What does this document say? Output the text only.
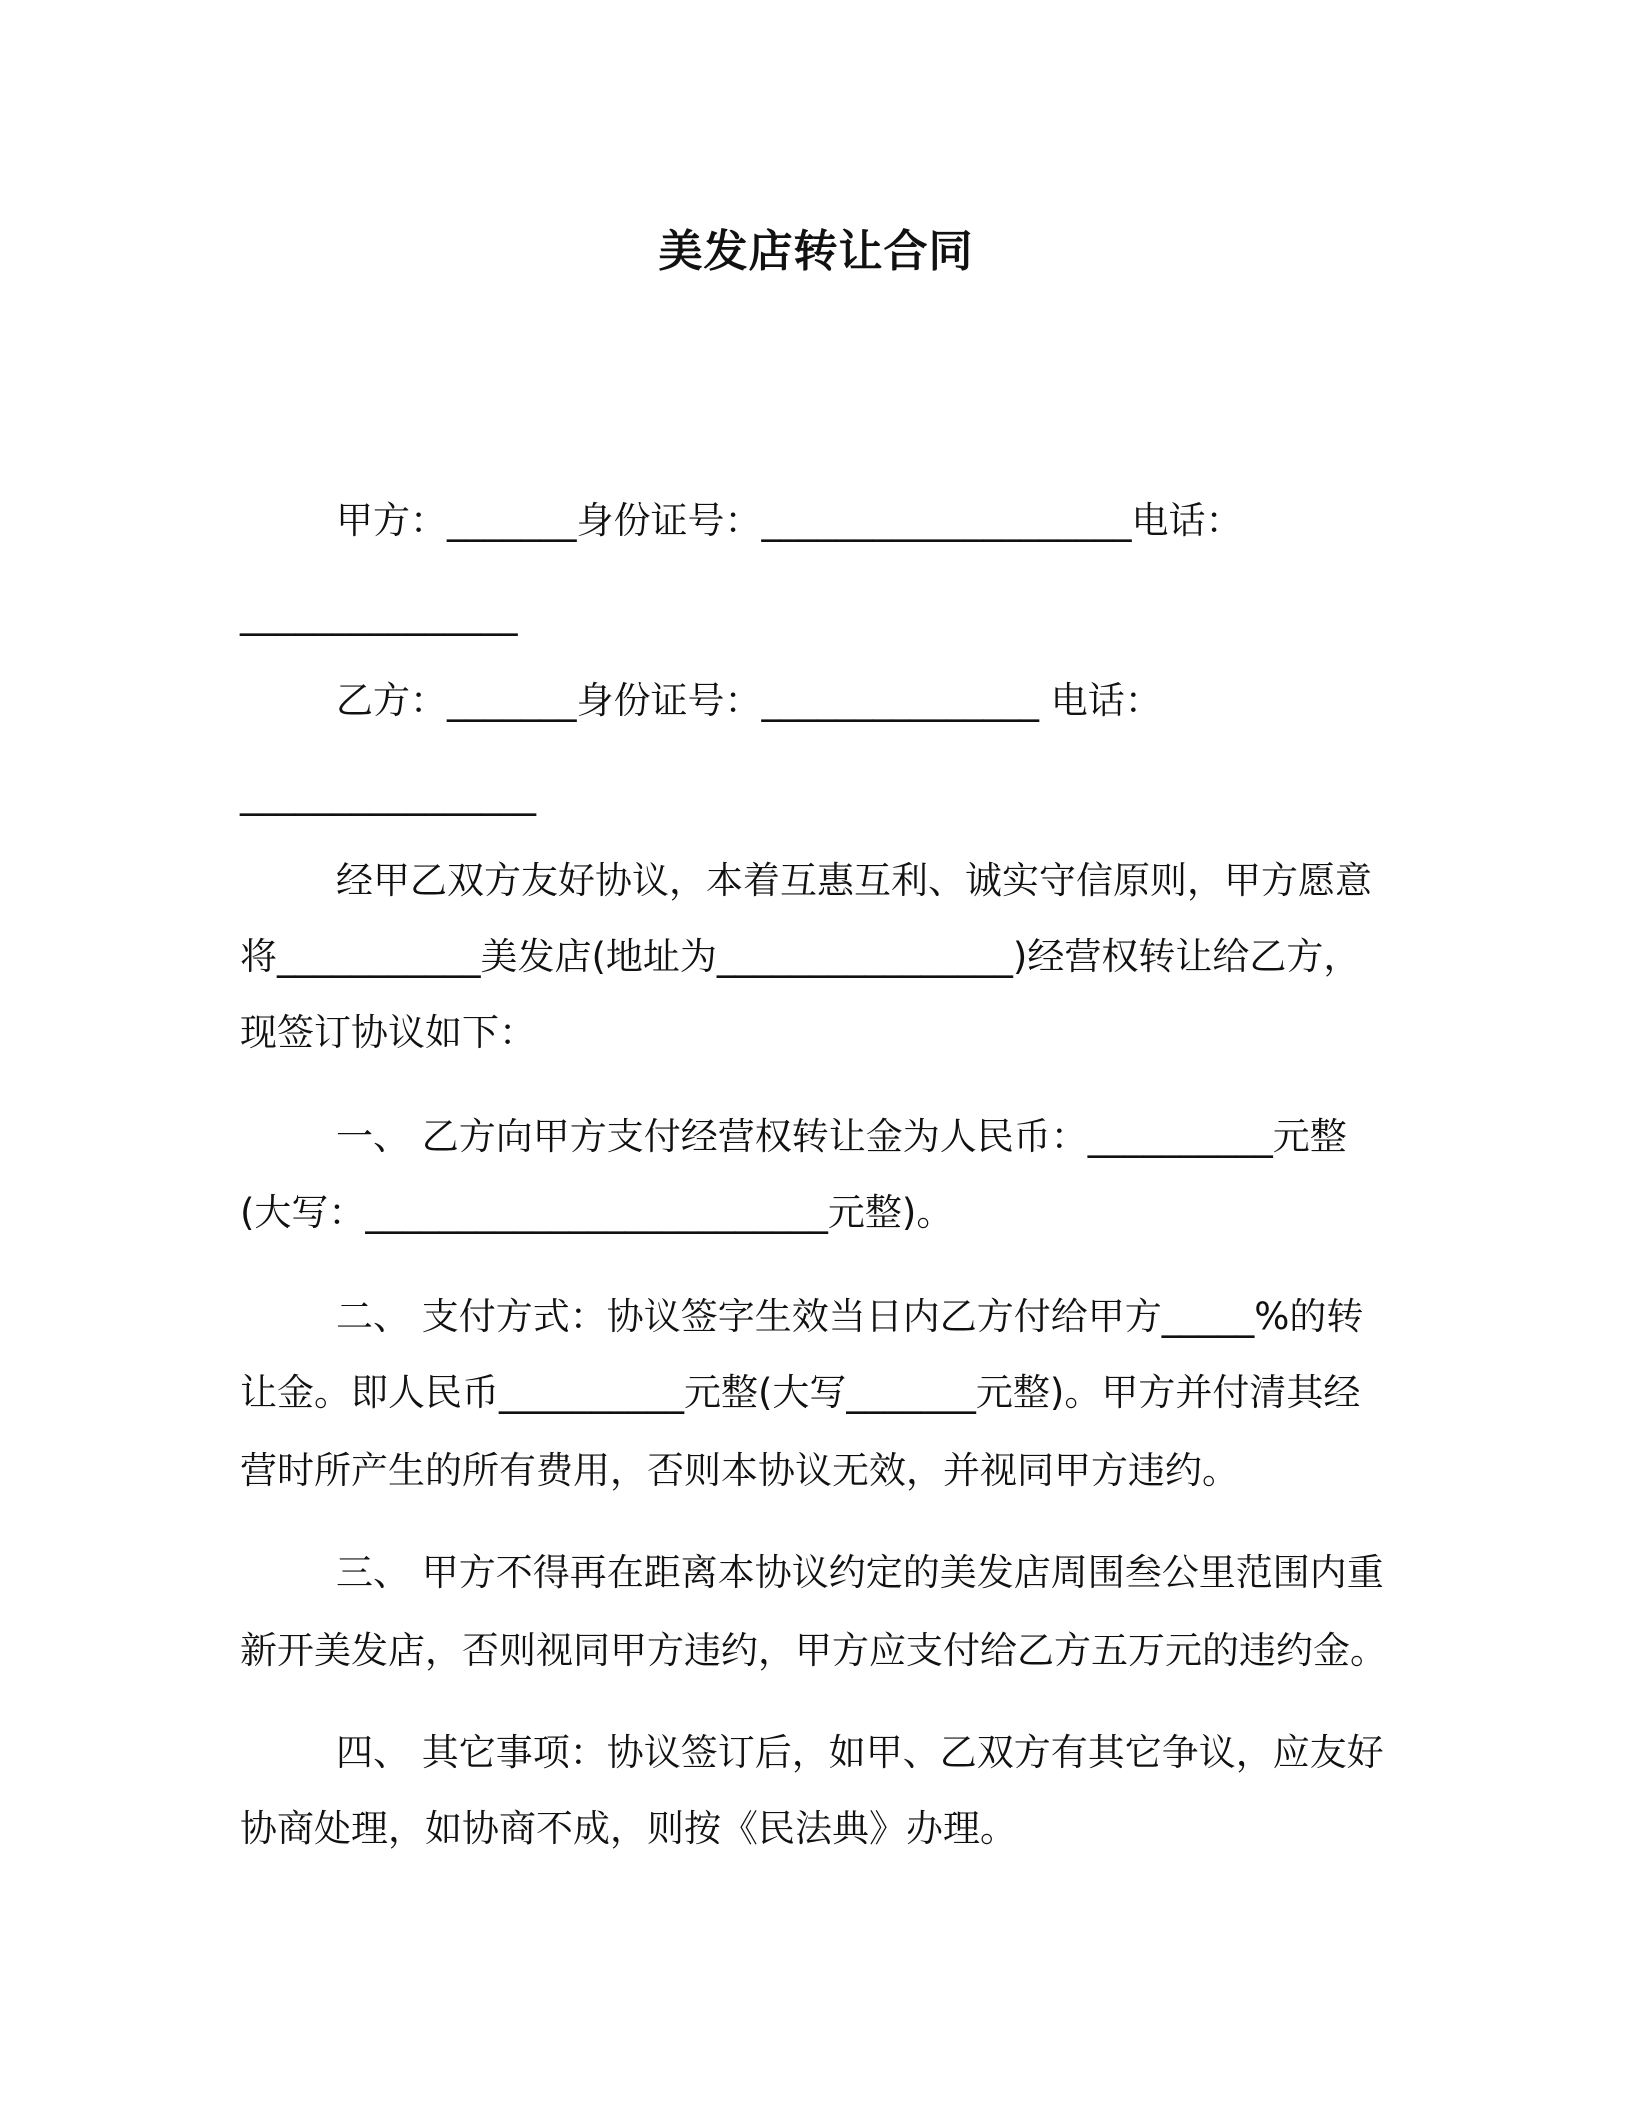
美发店转让合同
甲方：_______身份证号：____________________电话：
_______________
乙方：_______身份证号：_______________ 电话：
________________
经甲乙双方友好协议，本着互惠互利、诚实守信原则，甲方愿意
将___________美发店(地址为________________)经营权转让给乙方，
现签订协议如下：
一、 乙方向甲方支付经营权转让金为人民币：__________元整
(大写：_________________________元整)。
二、 支付方式：协议签字生效当日内乙方付给甲方_____%的转
让金。即人民币__________元整(大写_______元整)。甲方并付清其经
营时所产生的所有费用，否则本协议无效，并视同甲方违约。
三、 甲方不得再在距离本协议约定的美发店周围叁公里范围内重
新开美发店，否则视同甲方违约，甲方应支付给乙方五万元的违约金。
四、 其它事项：协议签订后，如甲、乙双方有其它争议，应友好
协商处理，如协商不成，则按《民法典》办理。
